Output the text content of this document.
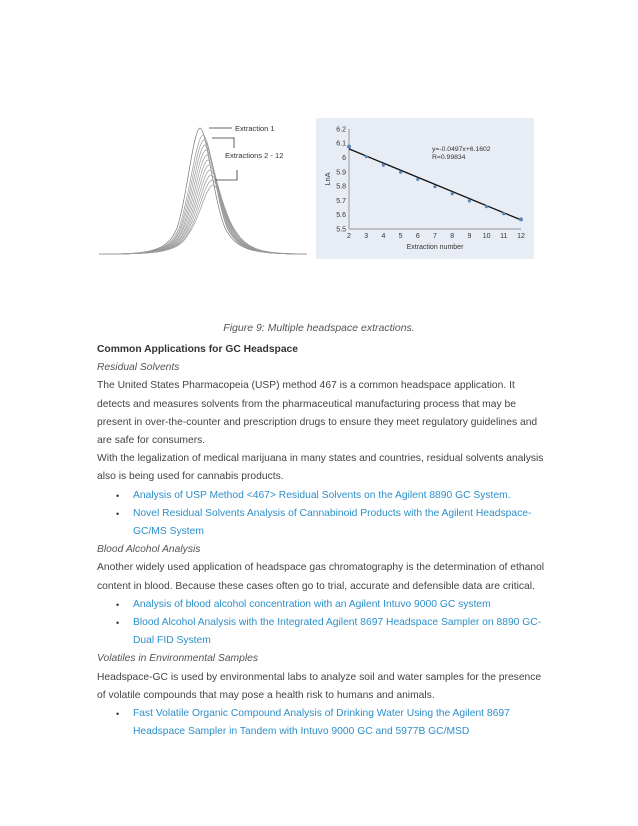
Extraction 1
Extractions 2 - 12
5.5
5.6
5.7
5.8
5.9
6
6.1
6.2
2 3 4 5 6 7 8 9 10 11 12
Extraction number
LnA
y=-0.0497x+6.1602
R=0.99834
Figure 9: Multiple headspace extractions.

Common Applications for GC Headspace

Residual Solvents

The United States Pharmacopeia (USP) method 467 is a common headspace application. It detects and measures solvents from the pharmaceutical manufacturing process that may be present in over-the-counter and prescription drugs to ensure they meet regulatory guidelines and are safe for consumers.

With the legalization of medical marijuana in many states and countries, residual solvents analysis also is being used for cannabis products.

• Analysis of USP Method <467> Residual Solvents on the Agilent 8890 GC System.
• Novel Residual Solvents Analysis of Cannabinoid Products with the Agilent Headspace-GC/MS System

Blood Alcohol Analysis

Another widely used application of headspace gas chromatography is the determination of ethanol content in blood. Because these cases often go to trial, accurate and defensible data are critical.

• Analysis of blood alcohol concentration with an Agilent Intuvo 9000 GC system
• Blood Alcohol Analysis with the Integrated Agilent 8697 Headspace Sampler on 8890 GC-Dual FID System

Volatiles in Environmental Samples

Headspace-GC is used by environmental labs to analyze soil and water samples for the presence of volatile compounds that may pose a health risk to humans and animals.

• Fast Volatile Organic Compound Analysis of Drinking Water Using the Agilent 8697 Headspace Sampler in Tandem with Intuvo 9000 GC and 5977B GC/MSD
